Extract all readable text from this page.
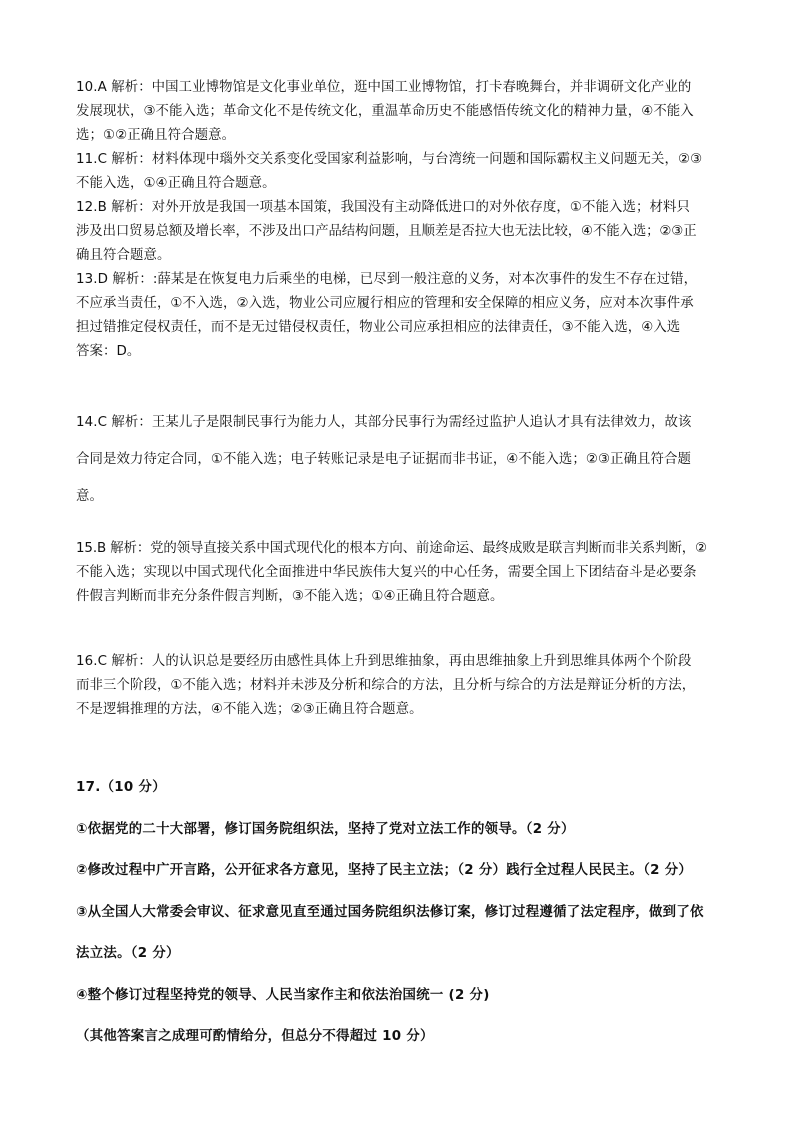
10.A 解析：中国工业博物馆是文化事业单位，逛中国工业博物馆，打卡春晚舞台，并非调研文化产业的

发展现状，③不能入选；革命文化不是传统文化，重温革命历史不能感悟传统文化的精神力量，④不能入

选；①②正确且符合题意。

11.C 解析：材料体现中瑙外交关系变化受国家利益影响，与台湾统一问题和国际霸权主义问题无关，②③

不能入选，①④正确且符合题意。

12.B 解析：对外开放是我国一项基本国策，我国没有主动降低进口的对外依存度，①不能入选；材料只

涉及出口贸易总额及增长率，不涉及出口产品结构问题，且顺差是否拉大也无法比较，④不能入选；②③正

确且符合题意。

13.D 解析：:薛某是在恢复电力后乘坐的电梯，已尽到一般注意的义务，对本次事件的发生不存在过错，

不应承当责任，①不入选，②入选，物业公司应履行相应的管理和安全保障的相应义务，应对本次事件承

担过错推定侵权责任，而不是无过错侵权责任，物业公司应承担相应的法律责任，③不能入选，④入选

答案：D。

14.C 解析：王某儿子是限制民事行为能力人，其部分民事行为需经过监护人追认才具有法律效力，故该

合同是效力待定合同，①不能入选；电子转账记录是电子证据而非书证，④不能入选；②③正确且符合题

意。

15.B 解析：党的领导直接关系中国式现代化的根本方向、前途命运、最终成败是联言判断而非关系判断，②

不能入选；实现以中国式现代化全面推进中华民族伟大复兴的中心任务，需要全国上下团结奋斗是必要条

件假言判断而非充分条件假言判断，③不能入选；①④正确且符合题意。

16.C 解析：人的认识总是要经历由感性具体上升到思维抽象，再由思维抽象上升到思维具体两个个阶段

而非三个阶段，①不能入选；材料并未涉及分析和综合的方法，且分析与综合的方法是辩证分析的方法，

不是逻辑推理的方法，④不能入选；②③正确且符合题意。

17.（10 分）

①依据党的二十大部署，修订国务院组织法，坚持了党对立法工作的领导。（2 分）

②修改过程中广开言路，公开征求各方意见，坚持了民主立法；（2 分）践行全过程人民民主。（2 分）

③从全国人大常委会审议、征求意见直至通过国务院组织法修订案，修订过程遵循了法定程序，做到了依

法立法。（2 分）

④整个修订过程坚持党的领导、人民当家作主和依法治国统一 (2 分)

（其他答案言之成理可酌情给分，但总分不得超过 10 分）
